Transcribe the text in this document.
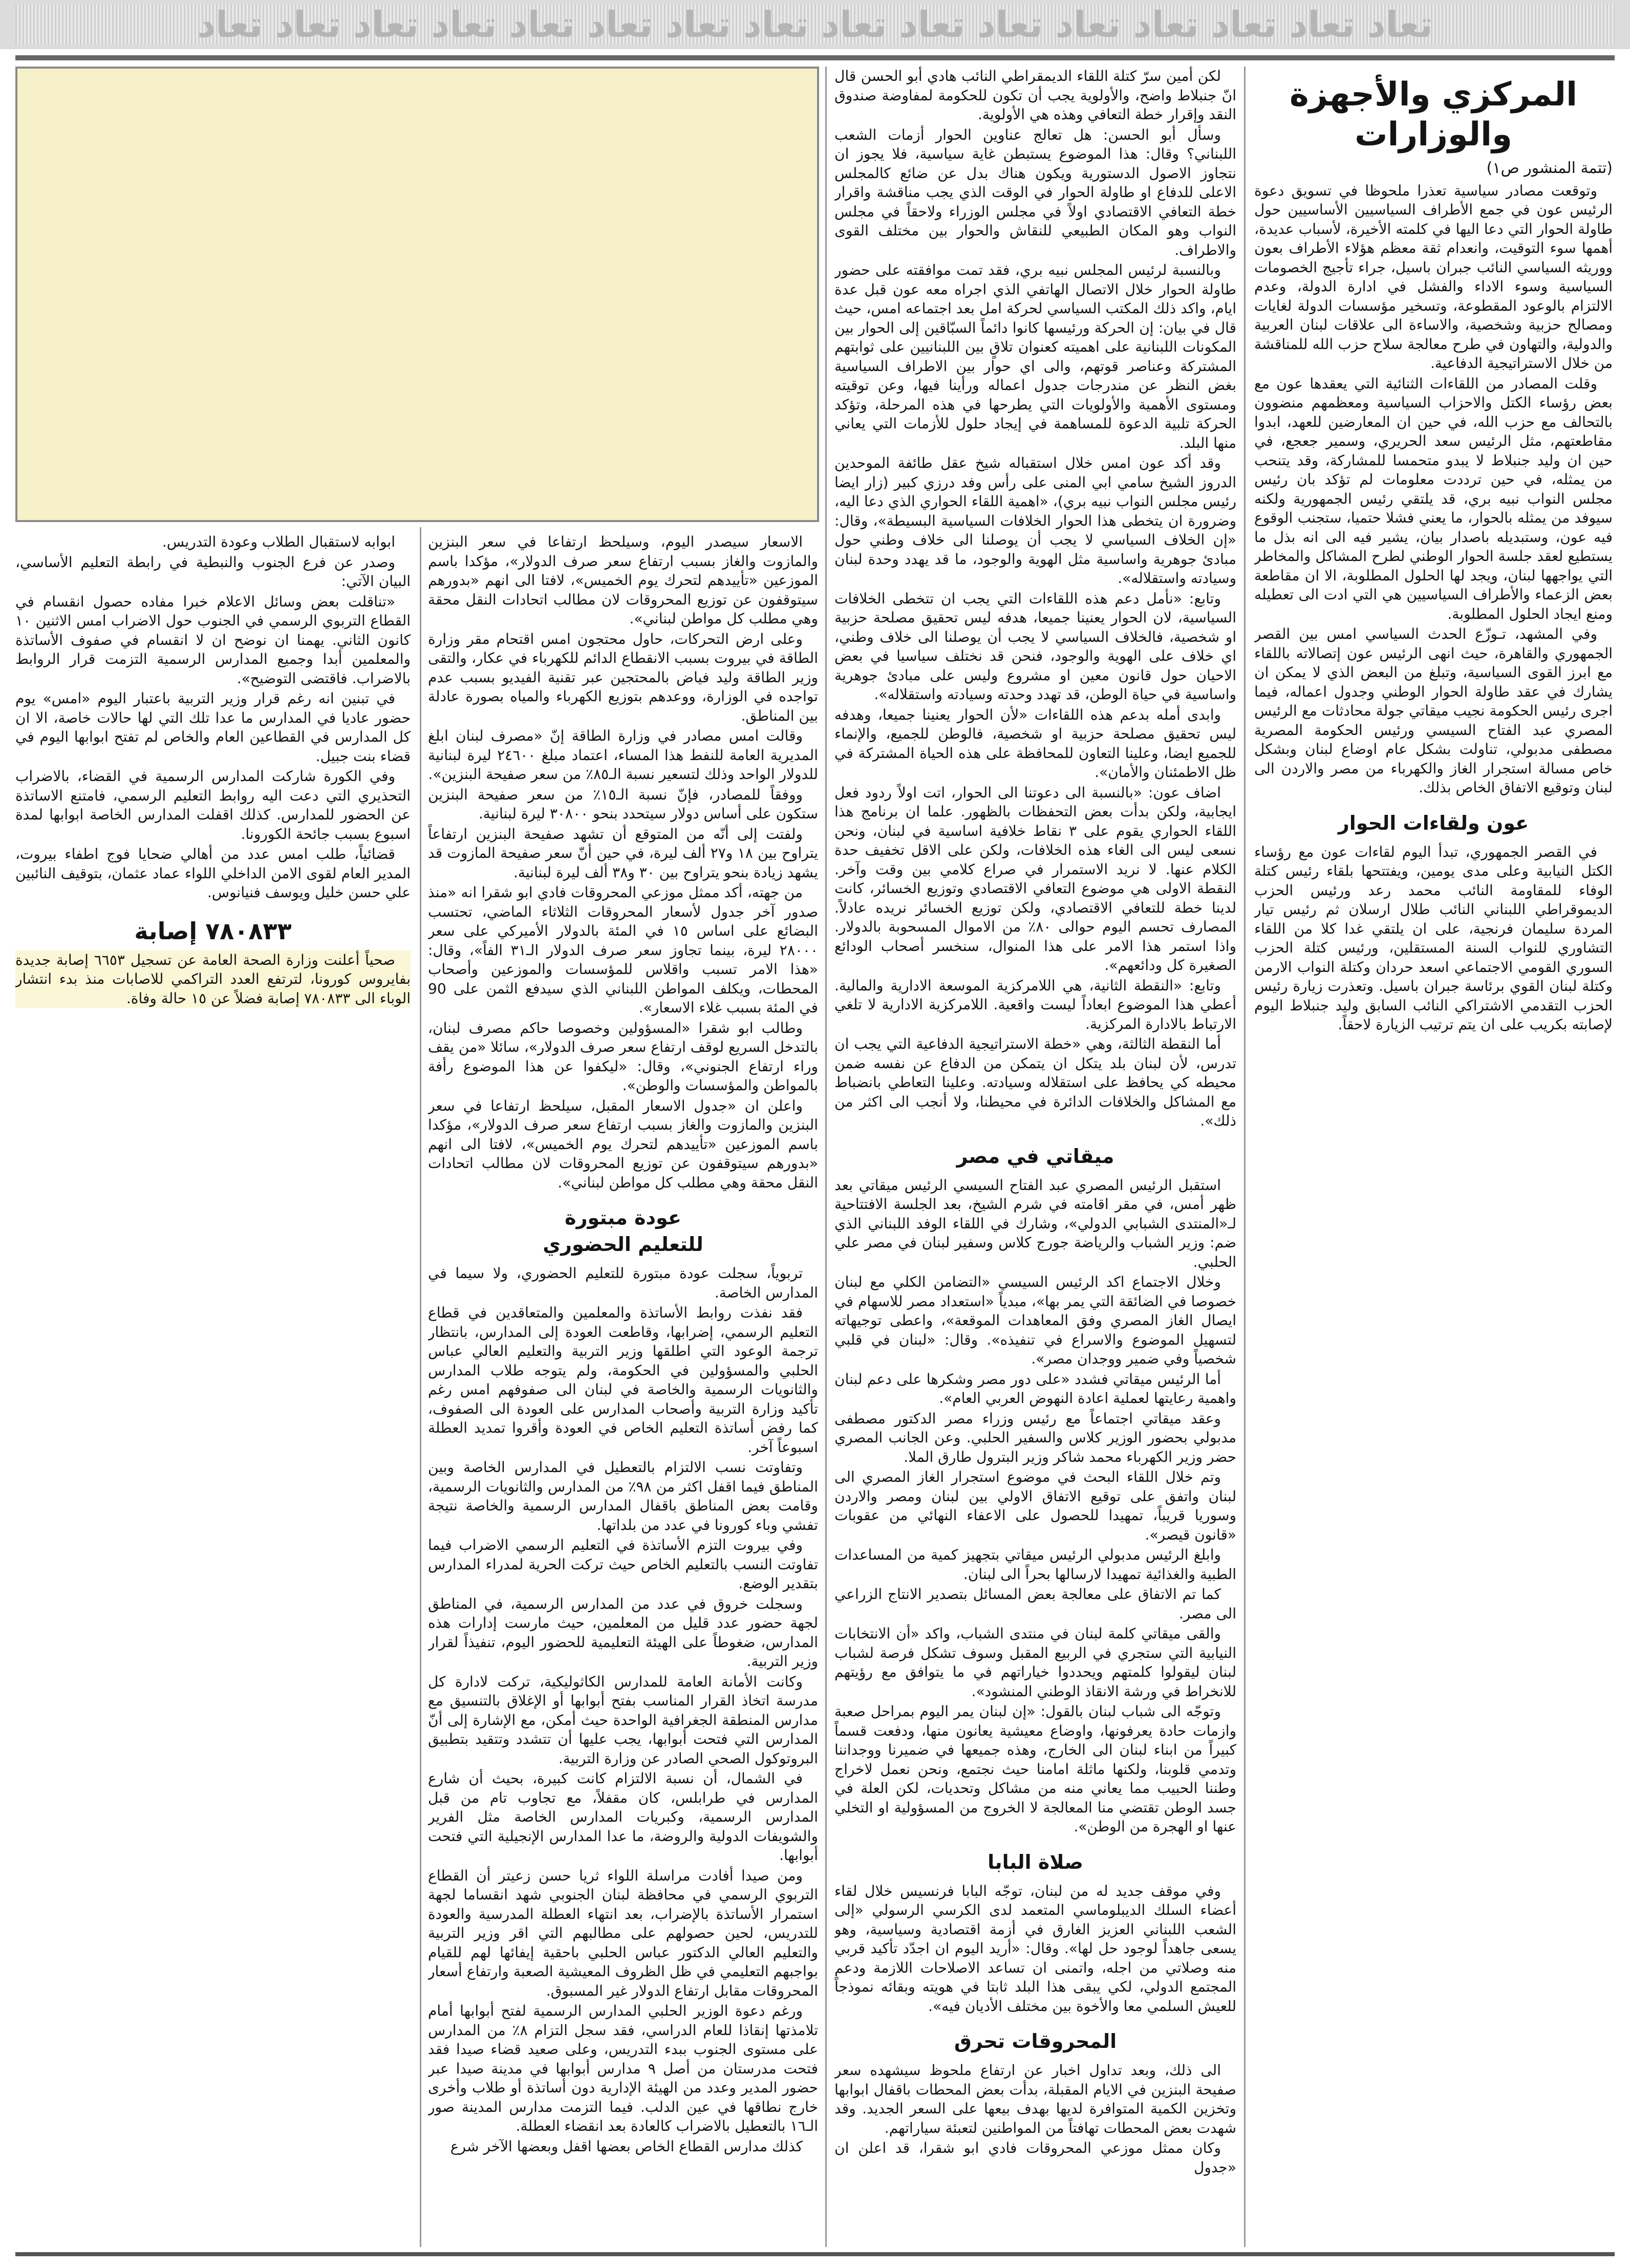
تعاد تعاد تعاد تعاد تعاد تعاد تعاد تعاد تعاد تعاد تعاد تعاد تعاد تعاد تعاد تعاد
المركزي والأجهزة والوزارات
(تتمة المنشور ص١)

وتوقعت مصادر سياسية تعذرا ملحوظا في تسويق دعوة الرئيس عون في جمع الأطراف السياسيين الأساسيين حول طاولة الحوار التي دعا اليها في كلمته الأخيرة، لأسباب عديدة، أهمها سوء التوقيت، وانعدام ثقة معظم هؤلاء الأطراف بعون ووريثه السياسي النائب جبران باسيل، جراء تأجيج الخصومات السياسية وسوء الاداء والفشل في ادارة الدولة، وعدم الالتزام بالوعود المقطوعة، وتسخير مؤسسات الدولة لغايات ومصالح حزبية وشخصية، والاساءة الى علاقات لبنان العربية والدولية، والتهاون في طرح معالجة سلاح حزب الله للمناقشة من خلال الاستراتيجية الدفاعية.

وقلت المصادر من اللقاءات الثنائية التي يعقدها عون مع بعض رؤساء الكتل والاحزاب السياسية ومعظمهم منضوون بالتحالف مع حزب الله، في حين ان المعارضين للعهد، ابدوا مقاطعتهم، مثل الرئيس سعد الحريري، وسمير جعجع، في حين ان وليد جنبلاط لا يبدو متحمسا للمشاركة، وقد يتنحب من يمثله، في حين ترددت معلومات لم تؤكد بان رئيس مجلس النواب نبيه بري، قد يلتقي رئيس الجمهورية ولكنه سيوفد من يمثله بالحوار، ما يعني فشلا حتميا، ستجنب الوقوع فيه عون، وستبديله باصدار بيان، يشير فيه الى انه بذل ما يستطيع لعقد جلسة الحوار الوطني لطرح المشاكل والمخاطر التي يواجهها لبنان، ويجد لها الحلول المطلوبة، الا ان مقاطعة بعض الزعماء والأطراف السياسيين هي التي ادت الى تعطيله ومنع ايجاد الحلول المطلوبة.

وفي المشهد، تـوزّع الحدث السياسي امس بين القصر الجمهوري والقاهرة، حيث انهى الرئيس عون إتصالاته باللقاء مع ابرز القوى السياسية، وتبلغ من البعض الذي لا يمكن ان يشارك في عقد طاولة الحوار الوطني وجدول اعماله، فيما اجرى رئيس الحكومة نجيب ميقاتي جولة محادثات مع الرئيس المصري عبد الفتاح السيسي ورئيس الحكومة المصرية مصطفى مدبولي، تناولت بشكل عام اوضاع لبنان وبشكل خاص مسالة استجرار الغاز والكهرباء من مصر والاردن الى لبنان وتوقيع الاتفاق الخاص بذلك.

عون ولقاءات الحوار

في القصر الجمهوري، تبدأ اليوم لقاءات عون مع رؤساء الكتل النيابية وعلى مدى يومين، ويفتتحها بلقاء رئيس كتلة الوفاء للمقاومة النائب محمد رعد ورئيس الحزب الديموقراطي اللبناني النائب طلال ارسلان ثم رئيس تيار المردة سليمان فرنجية، على ان يلتقي غدا كلا من اللقاء التشاوري للنواب السنة المستقلين، ورئيس كتلة الحزب السوري القومي الاجتماعي اسعد حردان وكتلة النواب الارمن وكتلة لبنان القوي برئاسة جبران باسيل. وتعذرت زيارة رئيس الحزب التقدمي الاشتراكي النائب السابق وليد جنبلاط اليوم لإصابته بكريب على ان يتم ترتيب الزيارة لاحقاً.

لكن أمين سرّ كتلة اللقاء الديمقراطي النائب هادي أبو الحسن قال انّ جنبلاط واضح، والأولوية يجب أن تكون للحكومة لمفاوضة صندوق النقد وإقرار خطة التعافي وهذه هي الأولوية.

وسأل أبو الحسن: هل تعالج عناوين الحوار أزمات الشعب اللبناني؟ وقال: هذا الموضوع يستبطن غاية سياسية، فلا يجوز ان نتجاوز الاصول الدستورية ويكون هناك بدل عن ضائع كالمجلس الاعلى للدفاع او طاولة الحوار في الوقت الذي يجب مناقشة واقرار خطة التعافي الاقتصادي اولاً في مجلس الوزراء ولاحقاً في مجلس النواب وهو المكان الطبيعي للنقاش والحوار بين مختلف القوى والاطراف.

وبالنسبة لرئيس المجلس نبيه بري، فقد تمت موافقته على حضور طاولة الحوار خلال الاتصال الهاتفي الذي اجراه معه عون قبل عدة ايام، واكد ذلك المكتب السياسي لحركة امل بعد اجتماعه امس، حيث قال في بيان: إن الحركة ورئيسها كانوا دائماً السبّاقين إلى الحوار بين المكونات اللبنانية على اهميته كعنوان تلاقٍ بين اللبنانيين على ثوابتهم المشتركة وعناصر قوتهم، والى اي حوار بين الاطراف السياسية بغض النظر عن مندرجات جدول اعماله ورأينا فيها، وعن توقيته ومستوى الأهمية والأولويات التي يطرحها في هذه المرحلة، وتؤكد الحركة تلبية الدعوة للمساهمة في إيجاد حلول للأزمات التي يعاني منها البلد.

وقد أكد عون امس خلال استقباله شيخ عقل طائفة الموحدين الدروز الشيخ سامي ابي المنى على رأس وفد درزي كبير (زار ايضا رئيس مجلس النواب نبيه بري)، «اهمية اللقاء الحواري الذي دعا اليه، وضرورة ان يتخطى هذا الحوار الخلافات السياسية البسيطة»، وقال: «إن الخلاف السياسي لا يجب أن يوصلنا الى خلاف وطني حول مبادئ جوهرية واساسية مثل الهوية والوجود، ما قد يهدد وحدة لبنان وسيادته واستقلاله».

وتابع: «نأمل دعم هذه اللقاءات التي يجب ان تتخطى الخلافات السياسية، لان الحوار يعنينا جميعا، هدفه ليس تحقيق مصلحة حزبية او شخصية، فالخلاف السياسي لا يجب أن يوصلنا الى خلاف وطني، اي خلاف على الهوية والوجود، فنحن قد نختلف سياسيا في بعض الاحيان حول قانون معين او مشروع وليس على مبادئ جوهرية واساسية في حياة الوطن، قد تهدد وحدته وسيادته واستقلاله».

وابدى أمله بدعم هذه اللقاءات «لأن الحوار يعنينا جميعا، وهدفه ليس تحقيق مصلحة حزبية او شخصية، فالوطن للجميع، والإنماء للجميع ايضا، وعلينا التعاون للمحافظة على هذه الحياة المشتركة في ظل الاطمئنان والأمان».

اضاف عون: «بالنسبة الى دعوتنا الى الحوار، اتت اولاً ردود فعل ايجابية، ولكن بدأت بعض التحفظات بالظهور. علما ان برنامج هذا اللقاء الحواري يقوم على ٣ نقاط خلافية اساسية في لبنان، ونحن نسعى ليس الى الغاء هذه الخلافات، ولكن على الاقل تخفيف حدة الكلام عنها. لا نريد الاستمرار في صراع كلامي بين وقت وآخر. النقطة الاولى هي موضوع التعافي الاقتصادي وتوزيع الخسائر، كانت لدينا خطة للتعافي الاقتصادي، ولكن توزيع الخسائر نريده عادلاً. المصارف تحسم اليوم حوالى ٨٠٪ من الاموال المسحوبة بالدولار. واذا استمر هذا الامر على هذا المنوال، سنخسر أصحاب الودائع الصغيرة كل ودائعهم».

وتابع: «النقطة الثانية، هي اللامركزية الموسعة الادارية والمالية. أعطي هذا الموضوع ابعاداً ليست واقعية. اللامركزية الادارية لا تلغي الارتباط بالادارة المركزية.

أما النقطة الثالثة، وهي «خطة الاستراتيجية الدفاعية التي يجب ان تدرس، لأن لبنان بلد يتكل ان يتمكن من الدفاع عن نفسه ضمن محيطه كي يحافظ على استقلاله وسيادته. وعلينا التعاطي بانضباط مع المشاكل والخلافات الدائرة في محيطنا، ولا أنجب الى اكثر من ذلك».

ميقاتي في مصر

استقبل الرئيس المصري عبد الفتاح السيسي الرئيس ميقاتي بعد ظهر أمس، في مقر اقامته في شرم الشيخ، بعد الجلسة الافتتاحية لـ«المنتدى الشبابي الدولي»، وشارك في اللقاء الوفد اللبناني الذي ضم: وزير الشباب والرياضة جورج كلاس وسفير لبنان في مصر علي الحلبي.

وخلال الاجتماع اكد الرئيس السيسي «التضامن الكلي مع لبنان خصوصا في الضائقة التي يمر بها»، مبدياً «استعداد مصر للاسهام في ايصال الغاز المصري وفق المعاهدات الموقعة»، واعطى توجيهاته لتسهيل الموضوع والاسراع في تنفيذه». وقال: «لبنان في قلبي شخصياً وفي ضمير ووجدان مصر».

أما الرئيس ميقاتي فشدد «على دور مصر وشكرها على دعم لبنان واهمية رعايتها لعملية اعادة النهوض العربي العام».

وعقد ميقاتي اجتماعاً مع رئيس وزراء مصر الدكتور مصطفى مدبولي بحضور الوزير كلاس والسفير الحلبي. وعن الجانب المصري حضر وزير الكهرباء محمد شاكر وزير البترول طارق الملا.

وتم خلال اللقاء البحث في موضوع استجرار الغاز المصري الى لبنان واتفق على توقيع الاتفاق الاولي بين لبنان ومصر والاردن وسوريا قريباً، تمهيدا للحصول على الاعفاء النهائي من عقوبات «قانون قيصر».

وابلغ الرئيس مدبولي الرئيس ميقاتي بتجهيز كمية من المساعدات الطبية والغذائية تمهيدا لارسالها بحراً الى لبنان.

كما تم الاتفاق على معالجة بعض المسائل بتصدير الانتاج الزراعي الى مصر.

والقى ميقاتي كلمة لبنان في منتدى الشباب، واكد «أن الانتخابات النيابية التي ستجري في الربيع المقبل وسوف تشكل فرصة لشباب لبنان ليقولوا كلمتهم ويحددوا خياراتهم في ما يتوافق مع رؤيتهم للانخراط في ورشة الانقاذ الوطني المنشود».

وتوجّه الى شباب لبنان بالقول: «إن لبنان يمر اليوم بمراحل صعبة وازمات حادة يعرفونها، واوضاع معيشية يعانون منها، ودفعت قسماً كبيراً من ابناء لبنان الى الخارج، وهذه جميعها في ضميرنا ووجداننا وتدمي قلوبنا، ولكنها ماثلة امامنا حيث نجتمع، ونحن نعمل لاخراج وطننا الحبيب مما يعاني منه من مشاكل وتحديات، لكن العلة في جسد الوطن تقتضي منا المعالجة لا الخروج من المسؤولية او التخلي عنها او الهجرة من الوطن».

صلاة البابا

وفي موقف جديد له من لبنان، توجّه البابا فرنسيس خلال لقاء أعضاء السلك الديبلوماسي المتعمد لدى الكرسي الرسولي «إلى الشعب اللبناني العزيز الغارق في أزمة اقتصادية وسياسية، وهو يسعى جاهداً لوجود حل لها». وقال: «أريد اليوم ان اجدّد تأكيد قربي منه وصلاتي من اجله، واتمنى ان تساعد الاصلاحات اللازمة ودعم المجتمع الدولي، لكي يبقى هذا البلد ثابتا في هويته وبقائه نموذجاً للعيش السلمي معا والأخوة بين مختلف الأديان فيه».

المحروقات تحرق

الى ذلك، وبعد تداول اخبار عن ارتفاع ملحوظ سيشهده سعر صفيحة البنزين في الايام المقبلة، بدأت بعض المحطات باقفال ابوابها وتخزين الكمية المتوافرة لديها بهدف بيعها على السعر الجديد. وقد شهدت بعض المحطات تهافتاً من المواطنين لتعبئة سياراتهم.

وكان ممثل موزعي المحروقات فادي ابو شقرا، قد اعلن ان «جدول

الاسعار سيصدر اليوم، وسيلحظ ارتفاعا في سعر البنزين والمازوت والغاز بسبب ارتفاع سعر صرف الدولار»، مؤكدا باسم الموزعين «تأييدهم لتحرك يوم الخميس»، لافتا الى انهم «بدورهم سيتوقفون عن توزيع المحروقات لان مطالب اتحادات النقل محقة وهي مطلب كل مواطن لبناني».

وعلى ارض التحركات، حاول محتجون امس اقتحام مقر وزارة الطاقة في بيروت بسبب الانقطاع الدائم للكهرباء في عكار، والتقى وزير الطاقة وليد فياض بالمحتجين عبر تقنية الفيديو بسبب عدم تواجده في الوزارة، ووعدهم بتوزيع الكهرباء والمياه بصورة عادلة بين المناطق.

وقالت امس مصادر في وزارة الطاقة إنّ «مصرف لبنان ابلغ المديرية العامة للنفط هذا المساء، اعتماد مبلغ ٢٤٦٠٠ ليرة لبنانية للدولار الواحد وذلك لتسعير نسبة الـ٨٥٪ من سعر صفيحة البنزين».

ووفقاً للمصادر، فإنّ نسبة الـ١٥٪ من سعر صفيحة البنزين ستكون على أساس دولار سيتحدد بنحو ٣٠٨٠٠ ليرة لبنانية.

ولفتت إلى أنّه من المتوقع أن تشهد صفيحة البنزين ارتفاعاً يتراوح بين ١٨ و٢٧ ألف ليرة، في حين أنّ سعر صفيحة المازوت قد يشهد زيادة بنحو يتراوح بين ٣٠ و٣٨ ألف ليرة لبنانية.

من جهته، أكد ممثل موزعي المحروقات فادي ابو شقرا انه «منذ صدور آخر جدول لأسعار المحروقات الثلاثاء الماضي، تحتسب البضائع على اساس ١٥ في المئة بالدولار الأميركي على سعر ٢٨٠٠٠ ليرة، بينما تجاوز سعر صرف الدولار الـ٣١ الفاً»، وقال: «هذا الامر تسبب واقلاس للمؤسسات والموزعين وأصحاب المحطات، ويكلف المواطن اللبناني الذي سيدفع الثمن على 90 في المئة بسبب غلاء الاسعار».

وطالب ابو شقرا «المسؤولين وخصوصا حاكم مصرف لبنان، بالتدخل السريع لوقف ارتفاع سعر صرف الدولار»، سائلا «من يقف وراء ارتفاع الجنوني»، وقال: «ليكفوا عن هذا الموضوع رأفة بالمواطن والمؤسسات والوطن».

واعلن ان «جدول الاسعار المقبل، سيلحظ ارتفاعا في سعر البنزين والمازوت والغاز بسبب ارتفاع سعر صرف الدولار»، مؤكدا باسم الموزعين «تأييدهم لتحرك يوم الخميس»، لافتا الى انهم «بدورهم سيتوقفون عن توزيع المحروقات لان مطالب اتحادات النقل محقة وهي مطلب كل مواطن لبناني».

عودة مبتورة
للتعليم الحضوري

تربوياً، سجلت عودة مبتورة للتعليم الحضوري، ولا سيما في المدارس الخاصة.

فقد نفذت روابط الأساتذة والمعلمين والمتعاقدين في قطاع التعليم الرسمي، إضرابها، وقاطعت العودة إلى المدارس، بانتظار ترجمة الوعود التي اطلقها وزير التربية والتعليم العالي عباس الحلبي والمسؤولين في الحكومة، ولم يتوجه طلاب المدارس والثانويات الرسمية والخاصة في لبنان الى صفوفهم امس رغم تأكيد وزارة التربية وأصحاب المدارس على العودة الى الصفوف، كما رفض أساتذة التعليم الخاص في العودة وأقروا تمديد العطلة اسبوعاً آخر.

وتفاوتت نسب الالتزام بالتعطيل في المدارس الخاصة وبين المناطق فيما اقفل اكثر من ٩٨٪ من المدارس والثانويات الرسمية، وقامت بعض المناطق باقفال المدارس الرسمية والخاصة نتيجة تفشي وباء كورونا في عدد من بلداتها.

وفي بيروت التزم الأساتذة في التعليم الرسمي الاضراب فيما تفاوتت النسب بالتعليم الخاص حيث تركت الحرية لمدراء المدارس بتقدير الوضع.

وسجلت خروق في عدد من المدارس الرسمية، في المناطق لجهة حضور عدد قليل من المعلمين، حيث مارست إدارات هذه المدارس، ضغوطاً على الهيئة التعليمية للحضور اليوم، تنفيذاً لقرار وزير التربية.

وكانت الأمانة العامة للمدارس الكاثوليكية، تركت لادارة كل مدرسة اتخاذ القرار المناسب بفتح أبوابها أو الإغلاق بالتنسيق مع مدارس المنطقة الجغرافية الواحدة حيث أمكن، مع الإشارة إلى أنّ المدارس التي فتحت أبوابها، يجب عليها أن تتشدد وتتقيد بتطبيق البروتوكول الصحي الصادر عن وزارة التربية.

في الشمال، أن نسبة الالتزام كانت كبيرة، بحيث أن شارع المدارس في طرابلس، كان مقفلاً، مع تجاوب تام من قبل المدارس الرسمية، وكبريات المدارس الخاصة مثل الفرير والشويفات الدولية والروضة، ما عدا المدارس الإنجيلية التي فتحت أبوابها.

ومن صيدا أفادت مراسلة اللواء ثريا حسن زعيتر أن القطاع التربوي الرسمي في محافظة لبنان الجنوبي شهد انقساما لجهة استمرار الأساتذة بالإضراب، بعد انتهاء العطلة المدرسية والعودة للتدريس، لحين حصولهم على مطالبهم التي اقر وزير التربية والتعليم العالي الدكتور عباس الحلبي باحقية إيفائها لهم للقيام بواجبهم التعليمي في ظل الظروف المعيشية الصعبة وارتفاع أسعار المحروقات مقابل ارتفاع الدولار غير المسبوق.

ورغم دعوة الوزير الحلبي المدارس الرسمية لفتح أبوابها أمام تلامذتها إنقاذا للعام الدراسي، فقد سجل التزام ٨٪ من المدارس على مستوى الجنوب ببدء التدريس، وعلى صعيد قضاء صيدا فقد فتحت مدرستان من أصل ٩ مدارس أبوابها في مدينة صيدا عبر حضور المدير وعدد من الهيئة الإدارية دون أساتذة أو طلاب وأخرى خارج نطاقها في عين الدلب. فيما التزمت مدارس المدينة صور الـ١٦ بالتعطيل بالاضراب كالعادة بعد انقضاء العطلة.

كذلك مدارس القطاع الخاص بعضها اقفل وبعضها الآخر شرع

ابوابه لاستقبال الطلاب وعودة التدريس.

وصدر عن فرع الجنوب والنبطية في رابطة التعليم الأساسي، البيان الآتي:

«تناقلت بعض وسائل الاعلام خبرا مفاده حصول انقسام في القطاع التربوي الرسمي في الجنوب حول الاضراب امس الاثنين ١٠ كانون الثاني. يهمنا ان نوضح ان لا انقسام في صفوف الأساتذة والمعلمين أبدا وجميع المدارس الرسمية التزمت قرار الروابط بالاضراب. فاقتضى التوضيح».

في تبنين انه رغم قرار وزير التربية باعتبار اليوم «امس» يوم حضور عاديا في المدارس ما عدا تلك التي لها حالات خاصة، الا ان كل المدارس في القطاعين العام والخاص لم تفتح ابوابها اليوم في قضاء بنت جبيل.

وفي الكورة شاركت المدارس الرسمية في القضاء، بالاضراب التحذيري التي دعت اليه روابط التعليم الرسمي، فامتنع الاساتذة عن الحضور للمدارس. كذلك اقفلت المدارس الخاصة ابوابها لمدة اسبوع بسبب جائحة الكورونا.

قضائياً، طلب امس عدد من أهالي ضحايا فوج اطفاء بيروت، المدير العام لقوى الامن الداخلي اللواء عماد عثمان، بتوقيف النائبين علي حسن خليل ويوسف فنيانوس.

٧٨٠٨٣٣ إصابة

صحياً أعلنت وزارة الصحة العامة عن تسجيل ٦٦٥٣ إصابة جديدة بفايروس كورونا، لترتفع العدد التراكمي للاصابات منذ بدء انتشار الوباء الى ٧٨٠٨٣٣ إصابة فضلاً عن ١٥ حالة وفاة.
